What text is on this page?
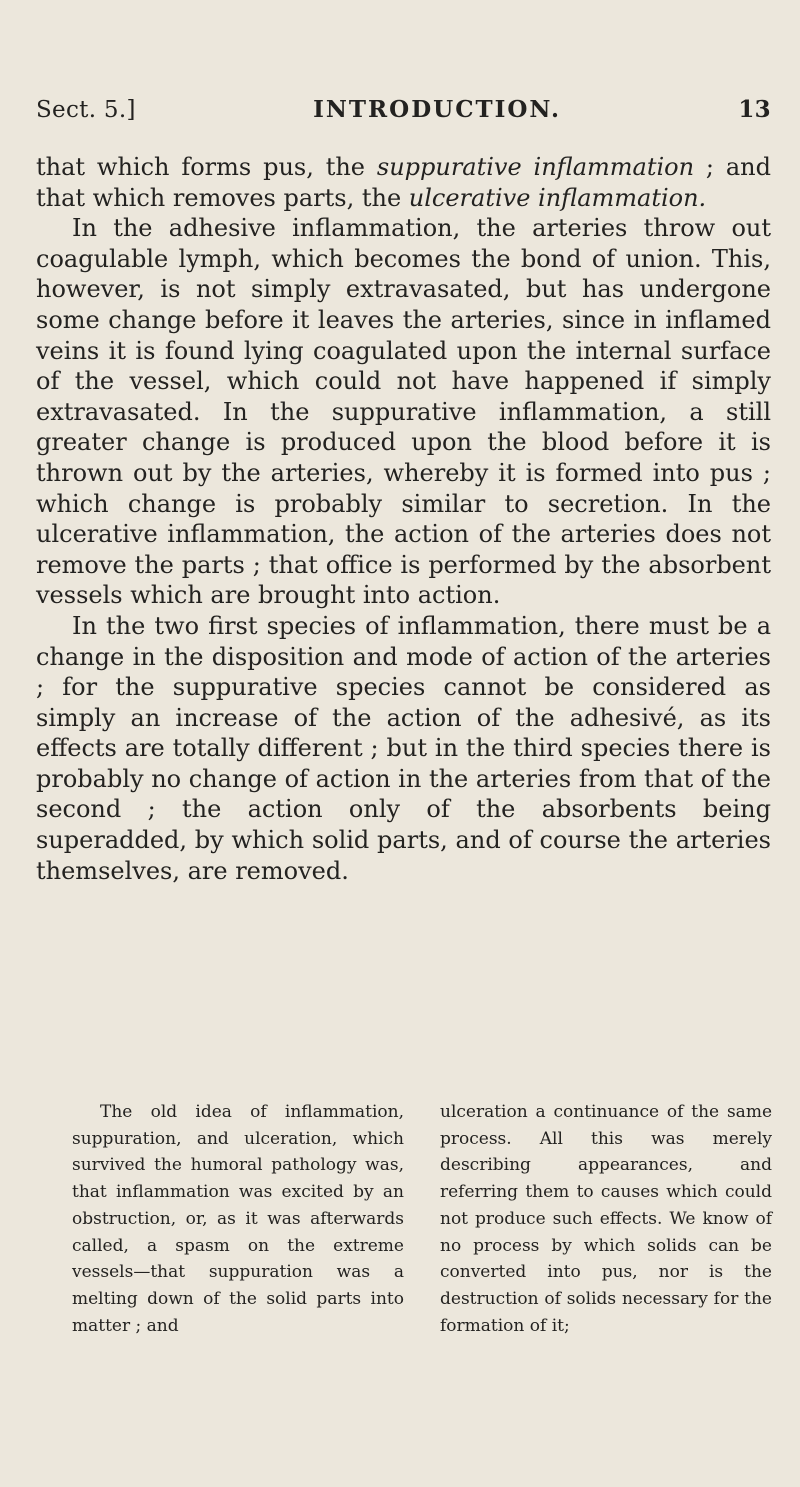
Sect. 5.]	INTRODUCTION.	13

that which forms pus, the suppurative inflammation ; and that which removes parts, the ulcerative inflammation.

In the adhesive inflammation, the arteries throw out coagulable lymph, which becomes the bond of union. This, however, is not simply extravasated, but has undergone some change before it leaves the arteries, since in inflamed veins it is found lying coagulated upon the internal surface of the vessel, which could not have happened if simply extravasated. In the suppurative inflammation, a still greater change is produced upon the blood before it is thrown out by the arteries, whereby it is formed into pus ; which change is probably similar to secretion. In the ulcerative inflammation, the action of the arteries does not remove the parts ; that office is performed by the absorbent vessels which are brought into action.

In the two first species of inflammation, there must be a change in the disposition and mode of action of the arteries ; for the suppurative species cannot be considered as simply an increase of the action of the adhesivé, as its effects are totally different ; but in the third species there is probably no change of action in the arteries from that of the second ; the action only of the absorbents being superadded, by which solid parts, and of course the arteries themselves, are removed.

The old idea of inflammation, suppuration, and ulceration, which survived the humoral pathology was, that inflammation was excited by an obstruction, or, as it was afterwards called, a spasm on the extreme vessels—that suppuration was a melting down of the solid parts into matter ; and

ulceration a continuance of the same process. All this was merely describing appearances, and referring them to causes which could not produce such effects. We know of no process by which solids can be converted into pus, nor is the destruction of solids necessary for the formation of it;
